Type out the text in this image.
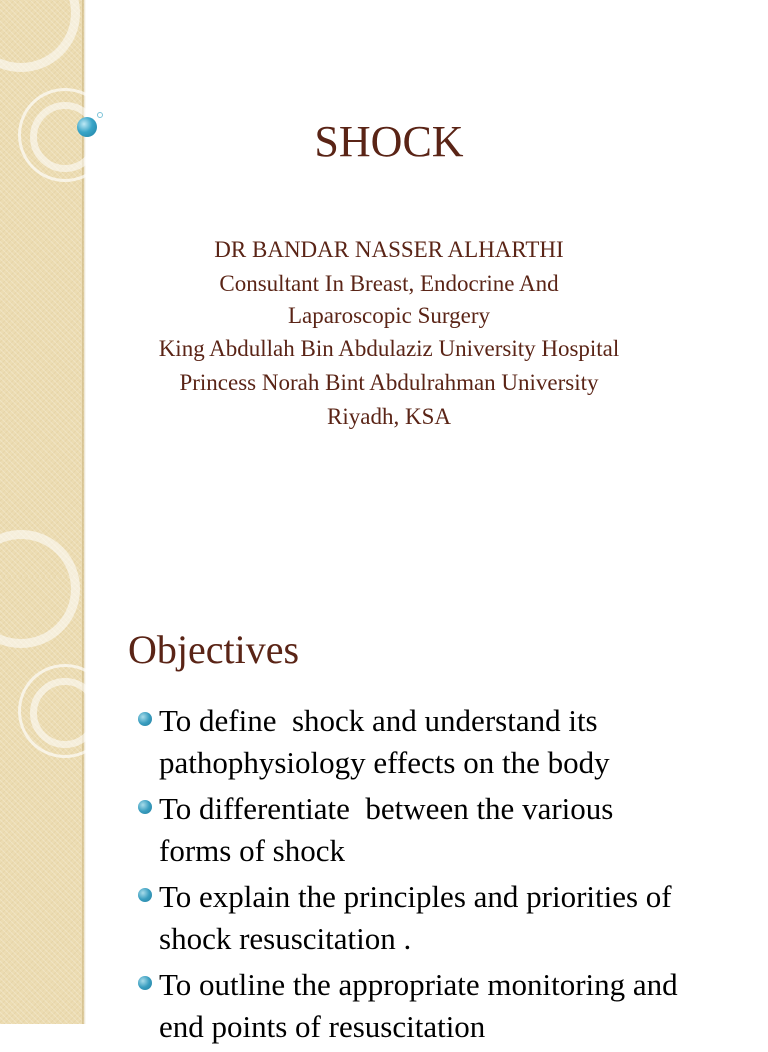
SHOCK
DR BANDAR NASSER ALHARTHI
Consultant In Breast, Endocrine And
Laparoscopic Surgery
King Abdullah Bin Abdulaziz University Hospital
Princess Norah Bint Abdulrahman University
Riyadh, KSA
Objectives
To define  shock and understand its
pathophysiology effects on the body
To differentiate  between the various
forms of shock
To explain the principles and priorities of
shock resuscitation .
To outline the appropriate monitoring and
end points of resuscitation
